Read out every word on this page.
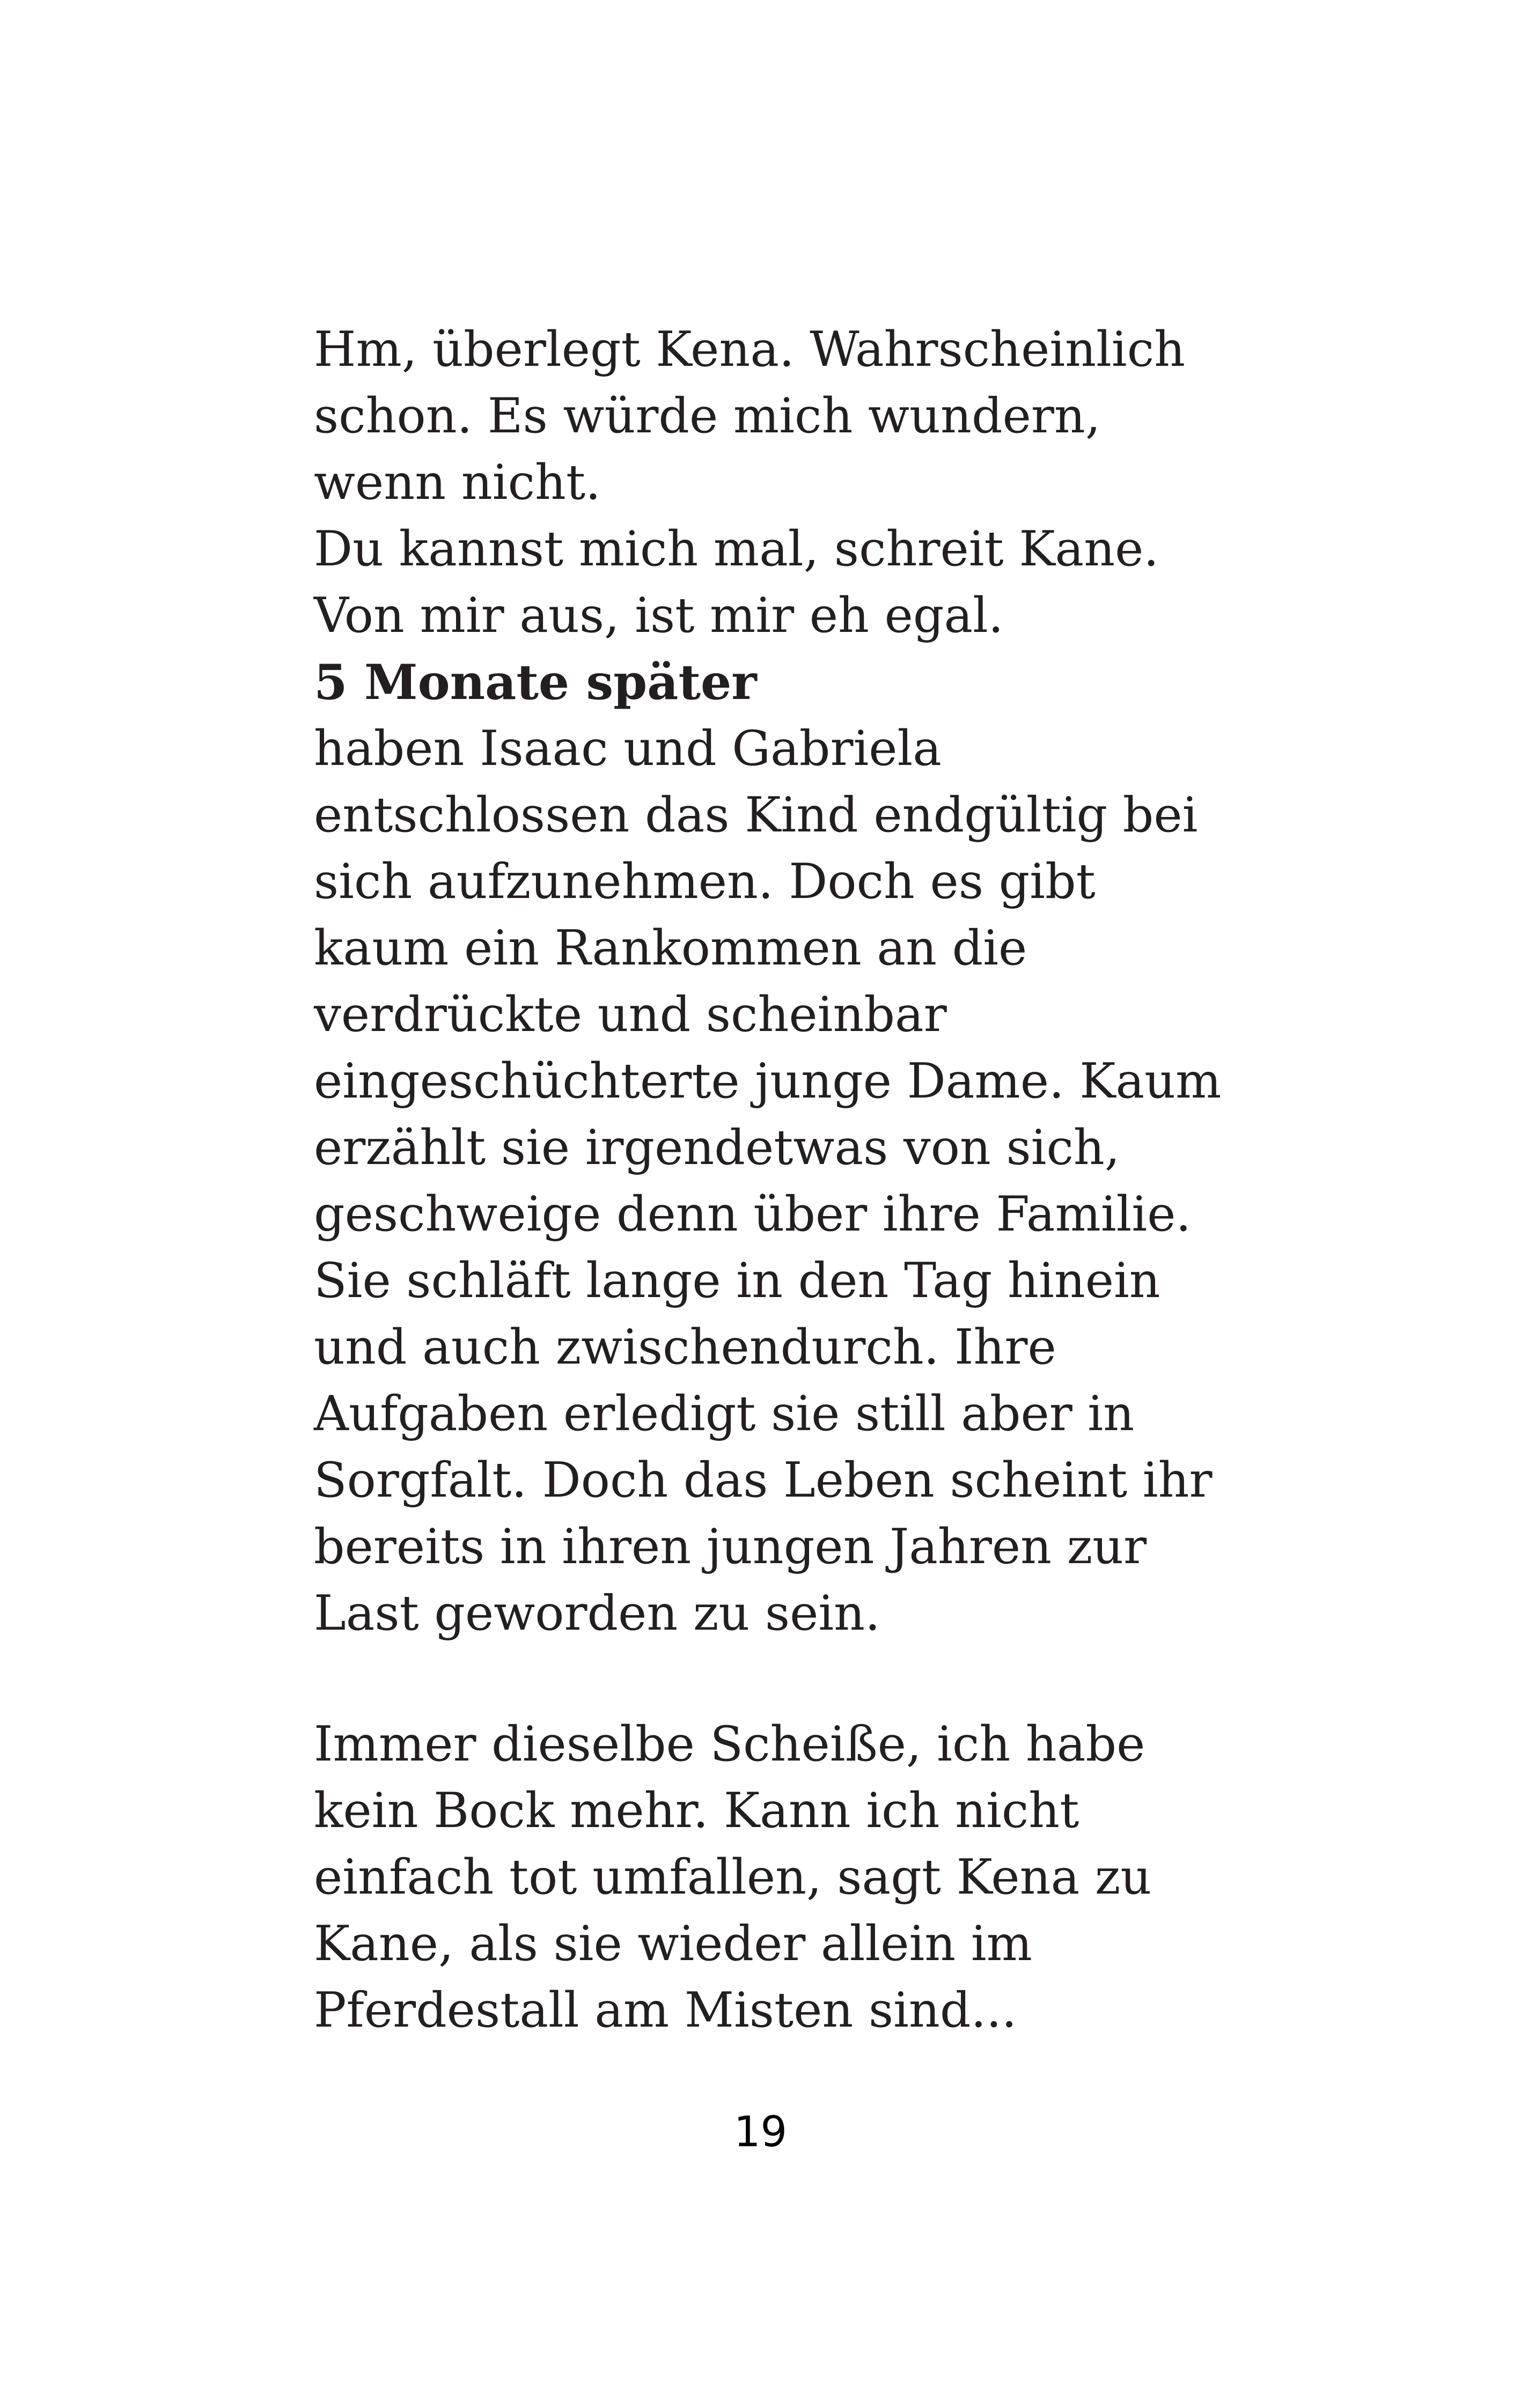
Hm, überlegt Kena. Wahrscheinlich
schon. Es würde mich wundern,
wenn nicht.
Du kannst mich mal, schreit Kane.
Von mir aus, ist mir eh egal.
5 Monate später
haben Isaac und Gabriela
entschlossen das Kind endgültig bei
sich aufzunehmen. Doch es gibt
kaum ein Rankommen an die
verdrückte und scheinbar
eingeschüchterte junge Dame. Kaum
erzählt sie irgendetwas von sich,
geschweige denn über ihre Familie.
Sie schläft lange in den Tag hinein
und auch zwischendurch. Ihre
Aufgaben erledigt sie still aber in
Sorgfalt. Doch das Leben scheint ihr
bereits in ihren jungen Jahren zur
Last geworden zu sein.
Immer dieselbe Scheiße, ich habe
kein Bock mehr. Kann ich nicht
einfach tot umfallen, sagt Kena zu
Kane, als sie wieder allein im
Pferdestall am Misten sind...
19
